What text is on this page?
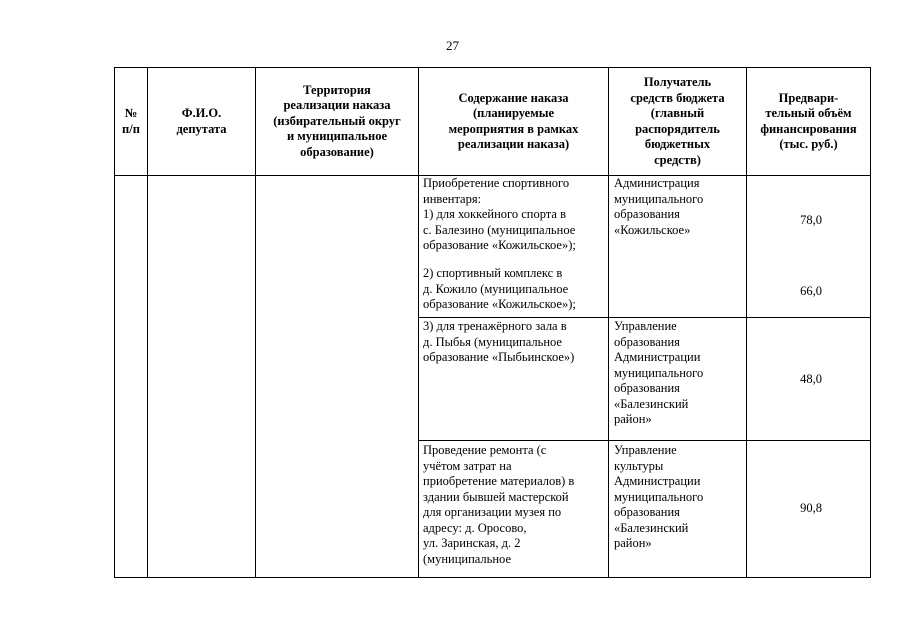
27
№
п/п
Ф.И.О.
депутата
Территория
реализации наказа
(избирательный округ
и муниципальное
образование)
Содержание наказа
(планируемые
мероприятия в рамках
реализации наказа)
Получатель
средств бюджета
(главный
распорядитель
бюджетных
средств)
Предвари-
тельный объём
финансирования
(тыс. руб.)
Приобретение спортивного
инвентаря:
1) для хоккейного спорта в
с. Балезино (муниципальное
образование «Кожильское»);
2) спортивный комплекс в
д. Кожило (муниципальное
образование «Кожильское»);
Администрация
муниципального
образования
«Кожильское»
78,0
66,0
3) для тренажёрного зала в
д. Пыбья (муниципальное
образование «Пыбьинское»)
Управление
образования
Администрации
муниципального
образования
«Балезинский
район»
48,0
Проведение ремонта (с
учётом затрат на
приобретение материалов) в
здании бывшей мастерской
для организации музея по
адресу: д. Оросово,
ул. Заринская, д. 2
(муниципальное
Управление
культуры
Администрации
муниципального
образования
«Балезинский
район»
90,8
